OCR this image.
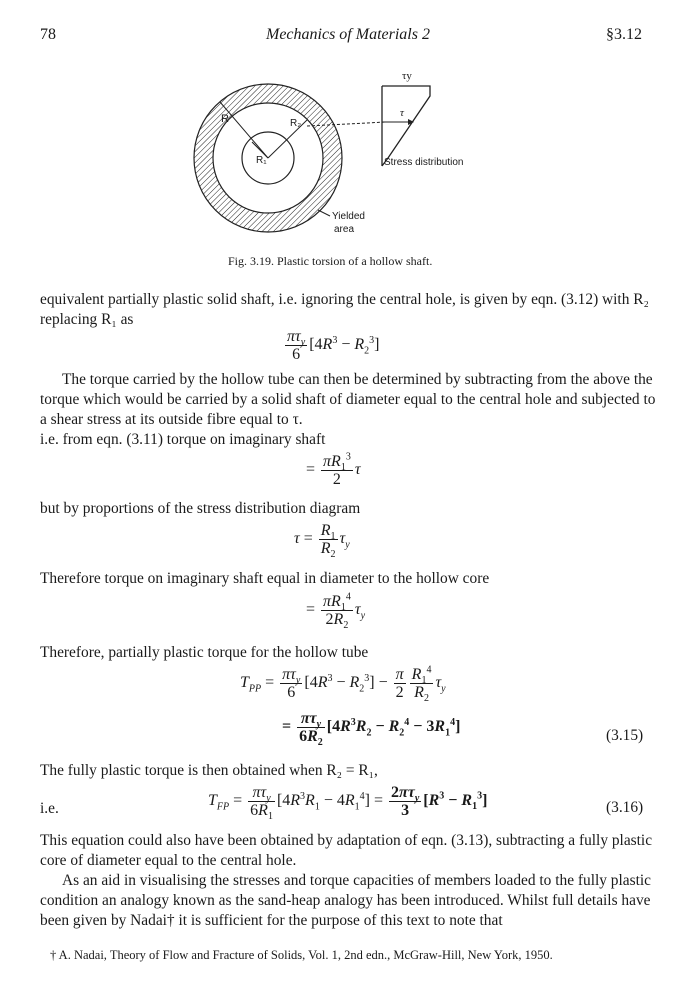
78	Mechanics of Materials 2	§3.12
R	R₂
R₁
τy
τ
Stress distribution
Yielded
area
Fig. 3.19. Plastic torsion of a hollow shaft.
equivalent partially plastic solid shaft, i.e. ignoring the central hole, is given by eqn. (3.12) with R₂ replacing R₁ as
$\frac{\pi\tau_y}{6} [4R^3 - R_2^3]$
The torque carried by the hollow tube can then be determined by subtracting from the above the torque which would be carried by a solid shaft of diameter equal to the central hole and subjected to a shear stress at its outside fibre equal to τ.
i.e. from eqn. (3.11) torque on imaginary shaft
= $\frac{\pi R_1^3}{2}$ τ
but by proportions of the stress distribution diagram
$\tau = \frac{R_1}{R_2} \tau_y$
Therefore torque on imaginary shaft equal in diameter to the hollow core
= $\frac{\pi R_1^4}{2R_2} \tau_y$
Therefore, partially plastic torque for the hollow tube
$T_{PP} = \frac{\pi\tau_y}{6} [4R^3 - R_2^3] - \frac{\pi}{2} \frac{R_1^4}{R_2} \tau_y$
= $\frac{\pi\tau_y}{6R_2} [4R^3R_2 - R_2^4 - 3R_1^4]$
(3.15)
The fully plastic torque is then obtained when R₂ = R₁,
i.e.	$T_{FP} = \frac{\pi\tau_y}{6R_1} [4R^3R_1 - 4R_1^4] = \frac{2\pi\tau_y}{3} [R^3 - R_1^3]$	(3.16)
This equation could also have been obtained by adaptation of eqn. (3.13), subtracting a fully plastic core of diameter equal to the central hole.
As an aid in visualising the stresses and torque capacities of members loaded to the fully plastic condition an analogy known as the sand-heap analogy has been introduced. Whilst full details have been given by Nadai† it is sufficient for the purpose of this text to note that
† A. Nadai, Theory of Flow and Fracture of Solids, Vol. 1, 2nd edn., McGraw-Hill, New York, 1950.
